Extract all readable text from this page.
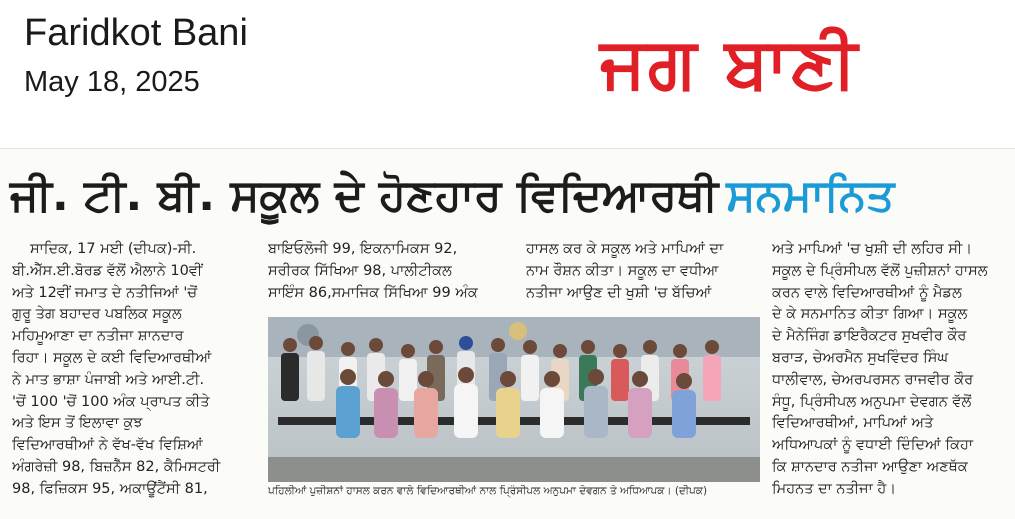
Faridkot Bani
May 18, 2025	ਜਗ ਬਾਣੀ
ਜੀ. ਟੀ. ਬੀ. ਸਕੂਲ ਦੇ ਹੋਣਹਾਰ ਵਿਦਿਆਰਥੀ ਸਨਮਾਨਿਤ
ਸਾਦਿਕ, 17 ਮਈ (ਦੀਪਕ)-ਸੀ.
ਬੀ.ਐੱਸ.ਈ.ਬੋਰਡ ਵੱਲੋਂ ਐਲਾਨੇ 10ਵੀਂ
ਅਤੇ 12ਵੀਂ ਜਮਾਤ ਦੇ ਨਤੀਜਿਆਂ 'ਚੋਂ
ਗੁਰੂ ਤੇਗ ਬਹਾਦਰ ਪਬਲਿਕ ਸਕੂਲ
ਮਹਿਮੂਆਣਾ ਦਾ ਨਤੀਜਾ ਸ਼ਾਨਦਾਰ
ਰਿਹਾ। ਸਕੂਲ ਦੇ ਕਈ ਵਿਦਿਆਰਥੀਆਂ
ਨੇ ਮਾਤ ਭਾਸ਼ਾ ਪੰਜਾਬੀ ਅਤੇ ਆਈ.ਟੀ.
'ਚੋਂ 100 'ਚੋਂ 100 ਅੰਕ ਪ੍ਰਾਪਤ ਕੀਤੇ
ਅਤੇ ਇਸ ਤੋਂ ਇਲਾਵਾ ਕੁਝ
ਵਿਦਿਆਰਥੀਆਂ ਨੇ ਵੱਖ-ਵੱਖ ਵਿਸ਼ਿਆਂ
ਅੰਗਰੇਜ਼ੀ 98, ਬਿਜ਼ਨੈੱਸ 82, ਕੈਮਿਸਟਰੀ
98, ਫਿਜ਼ਿਕਸ 95, ਅਕਾਊਂਟੈਂਸੀ 81,
ਬਾਇਓਲੋਜੀ 99, ਇਕਨਾਮਿਕਸ 92,
ਸਰੀਰਕ ਸਿੱਖਿਆ 98, ਪਾਲੀਟੀਕਲ
ਸਾਇੰਸ 86,ਸਮਾਜਿਕ ਸਿੱਖਿਆ 99 ਅੰਕ
ਹਾਸਲ ਕਰ ਕੇ ਸਕੂਲ ਅਤੇ ਮਾਪਿਆਂ ਦਾ
ਨਾਮ ਰੌਸ਼ਨ ਕੀਤਾ। ਸਕੂਲ ਦਾ ਵਧੀਆ
ਨਤੀਜਾ ਆਉਣ ਦੀ ਖੁਸ਼ੀ 'ਚ ਬੱਚਿਆਂ
ਅਤੇ ਮਾਪਿਆਂ 'ਚ ਖੁਸ਼ੀ ਦੀ ਲਹਿਰ ਸੀ।
ਸਕੂਲ ਦੇ ਪ੍ਰਿੰਸੀਪਲ ਵੱਲੋਂ ਪੁਜ਼ੀਸ਼ਨਾਂ ਹਾਸਲ
ਕਰਨ ਵਾਲੇ ਵਿਦਿਆਰਥੀਆਂ ਨੂੰ ਮੈਡਲ
ਦੇ ਕੇ ਸਨਮਾਨਿਤ ਕੀਤਾ ਗਿਆ। ਸਕੂਲ
ਦੇ ਮੈਨੇਜਿੰਗ ਡਾਇਰੈਕਟਰ ਸੁਖਵੀਰ ਕੌਰ
ਬਰਾੜ, ਚੇਅਰਮੈਨ ਸੁਖਵਿੰਦਰ ਸਿੰਘ
ਧਾਲੀਵਾਲ, ਚੇਅਰਪਰਸਨ ਰਾਜਵੀਰ ਕੌਰ
ਸੰਧੂ, ਪ੍ਰਿੰਸੀਪਲ ਅਨੁਪਮਾ ਦੇਵਗਨ ਵੱਲੋਂ
ਵਿਦਿਆਰਥੀਆਂ, ਮਾਪਿਆਂ ਅਤੇ
ਅਧਿਆਪਕਾਂ ਨੂੰ ਵਧਾਈ ਦਿੰਦਿਆਂ ਕਿਹਾ
ਕਿ ਸ਼ਾਨਦਾਰ ਨਤੀਜਾ ਆਉਣਾ ਅਣਥੱਕ
ਮਿਹਨਤ ਦਾ ਨਤੀਜਾ ਹੈ।
ਪਹਿਲੀਆਂ ਪੁਜ਼ੀਸ਼ਨਾਂ ਹਾਸਲ ਕਰਨ ਵਾਲੇ ਵਿਦਿਆਰਥੀਆਂ ਨਾਲ ਪ੍ਰਿੰਸੀਪਲ ਅਨੁਪਮਾ ਦੇਵਗਨ ਤੇ ਅਧਿਆਪਕ। (ਦੀਪਕ)
